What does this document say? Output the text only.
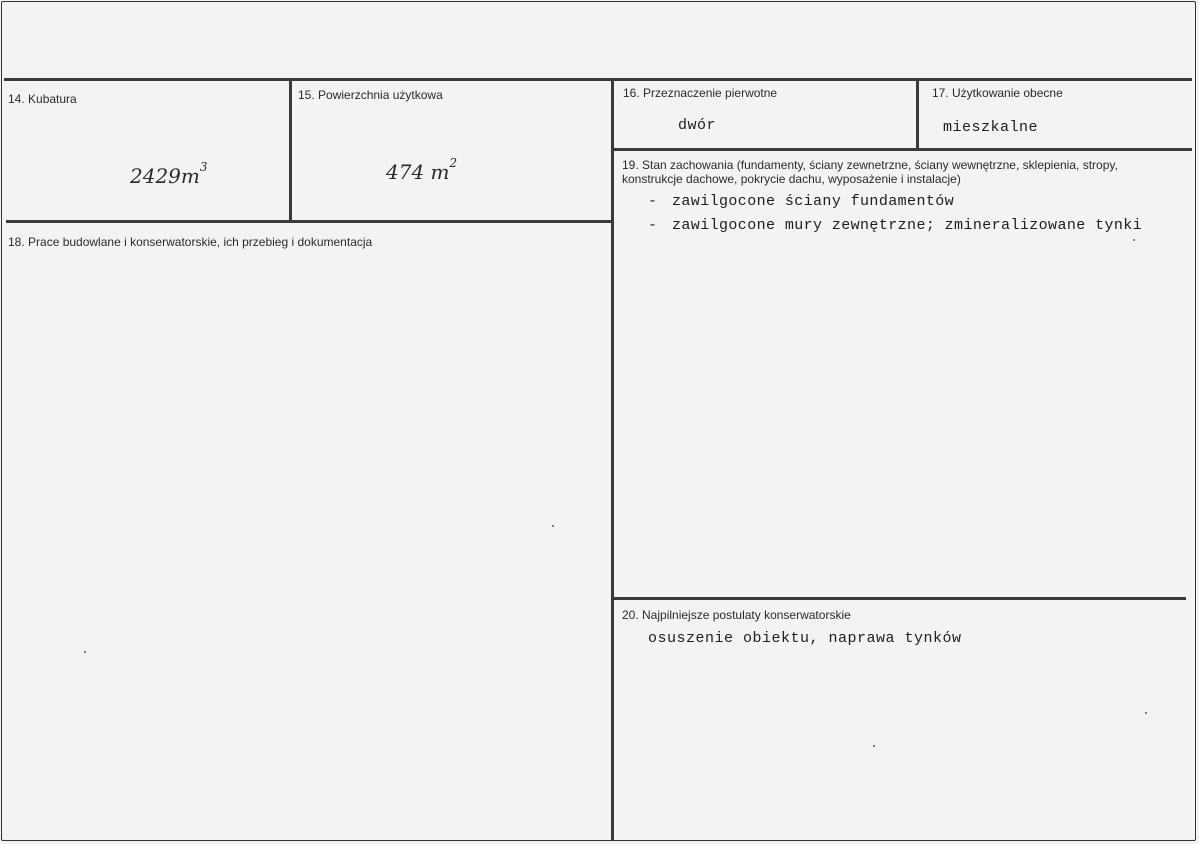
14. Kubatura
$2429m^3$
15. Powierzchnia użytkowa
474 $m^2$
16. Przeznaczenie pierwotne
dwór
17. Użytkowanie obecne
mieszkalne
18. Prace budowlane i konserwatorskie, ich przebieg i dokumentacja
19. Stan zachowania (fundamenty, ściany zewnetrzne, ściany wewnętrzne, sklepienia, stropy, konstrukcje dachowe, pokrycie dachu, wyposażenie i instalacje)
- zawilgocone ściany fundamentów
- zawilgocone mury zewnętrzne; zmineralizowane tynki
20. Najpilniejsze postulaty konserwatorskie
osuszenie obiektu, naprawa tynków
